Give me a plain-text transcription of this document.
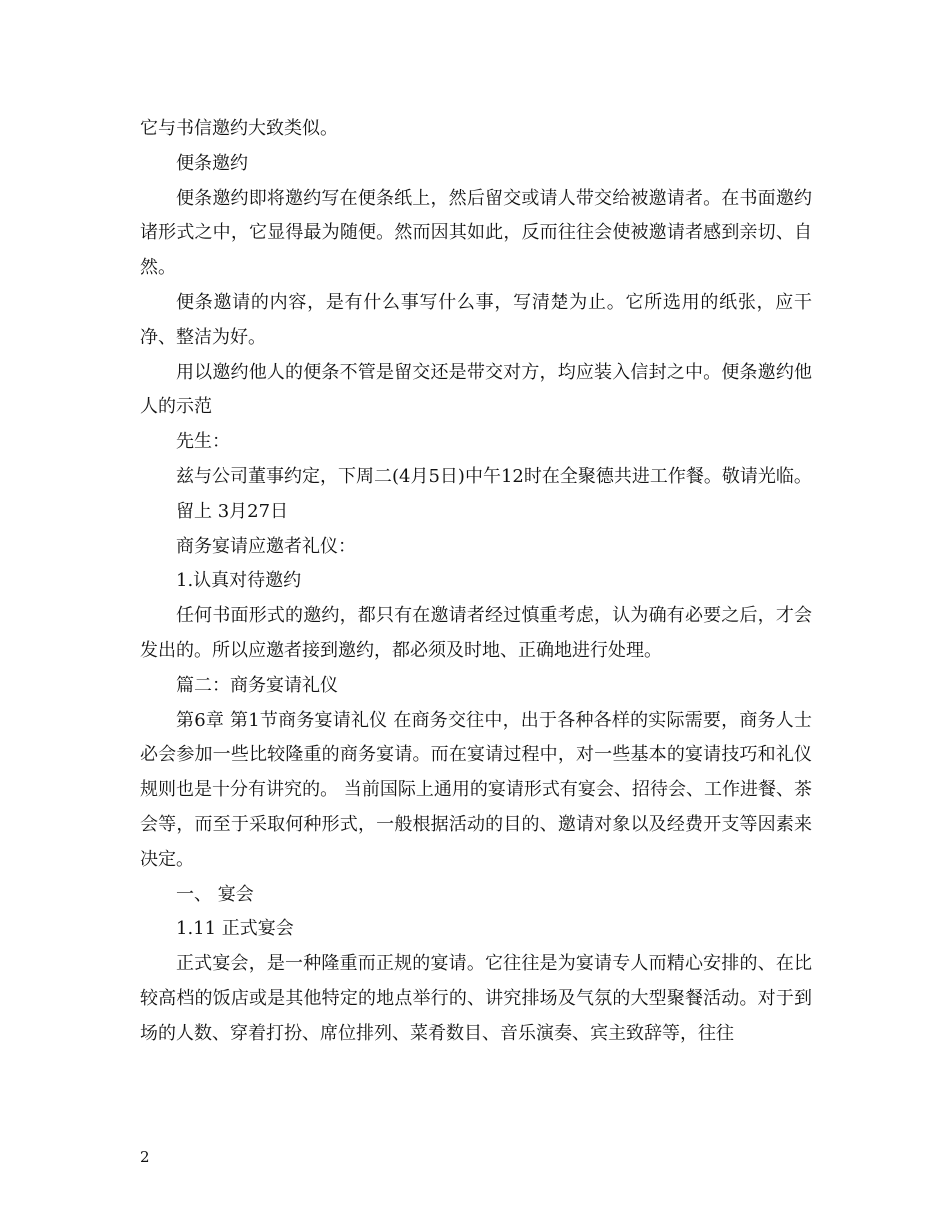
它与书信邀约大致类似。

便条邀约

便条邀约即将邀约写在便条纸上，然后留交或请人带交给被邀请者。在书面邀约诸形式之中，它显得最为随便。然而因其如此，反而往往会使被邀请者感到亲切、自然。

便条邀请的内容，是有什么事写什么事，写清楚为止。它所选用的纸张，应干净、整洁为好。

用以邀约他人的便条不管是留交还是带交对方，均应装入信封之中。便条邀约他人的示范

先生：

兹与公司董事约定，下周二(4月5日)中午12时在全聚德共进工作餐。敬请光临。

留上 3月27日

商务宴请应邀者礼仪：

1.认真对待邀约

任何书面形式的邀约，都只有在邀请者经过慎重考虑，认为确有必要之后，才会发出的。所以应邀者接到邀约，都必须及时地、正确地进行处理。

篇二：商务宴请礼仪

第6章 第1节商务宴请礼仪 在商务交往中，出于各种各样的实际需要，商务人士必会参加一些比较隆重的商务宴请。而在宴请过程中，对一些基本的宴请技巧和礼仪规则也是十分有讲究的。 当前国际上通用的宴请形式有宴会、招待会、工作进餐、茶会等，而至于采取何种形式，一般根据活动的目的、邀请对象以及经费开支等因素来决定。

一、 宴会

1.11 正式宴会

正式宴会，是一种隆重而正规的宴请。它往往是为宴请专人而精心安排的、在比较高档的饭店或是其他特定的地点举行的、讲究排场及气氛的大型聚餐活动。对于到场的人数、穿着打扮、席位排列、菜肴数目、音乐演奏、宾主致辞等，往往

2
